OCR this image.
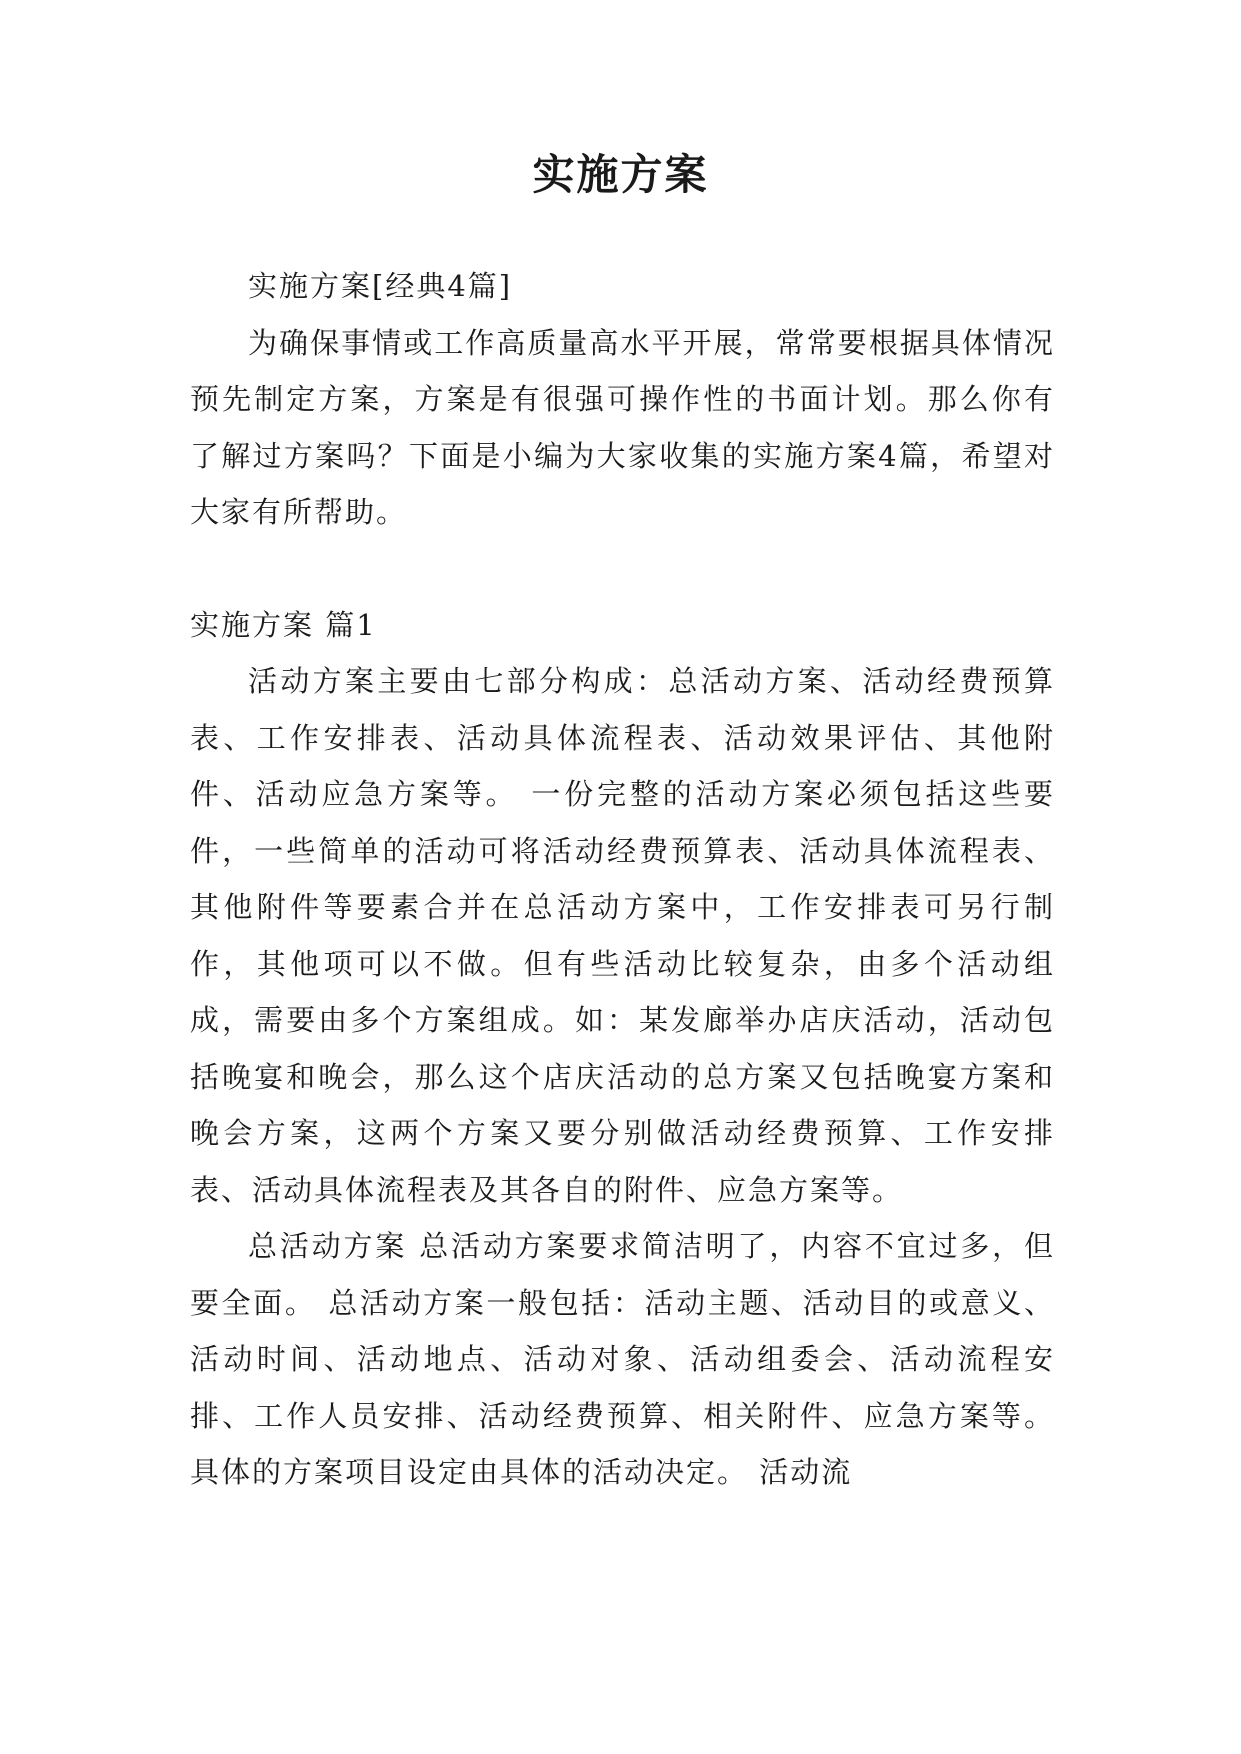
实施方案

实施方案[经典4篇]

为确保事情或工作高质量高水平开展，常常要根据具体情况预先制定方案，方案是有很强可操作性的书面计划。那么你有了解过方案吗？下面是小编为大家收集的实施方案4篇，希望对大家有所帮助。

实施方案 篇1

活动方案主要由七部分构成：总活动方案、活动经费预算表、工作安排表、活动具体流程表、活动效果评估、其他附件、活动应急方案等。 一份完整的活动方案必须包括这些要件，一些简单的活动可将活动经费预算表、活动具体流程表、其他附件等要素合并在总活动方案中，工作安排表可另行制作，其他项可以不做。但有些活动比较复杂，由多个活动组成，需要由多个方案组成。如：某发廊举办店庆活动，活动包括晚宴和晚会，那么这个店庆活动的总方案又包括晚宴方案和晚会方案，这两个方案又要分别做活动经费预算、工作安排表、活动具体流程表及其各自的附件、应急方案等。

总活动方案 总活动方案要求简洁明了，内容不宜过多，但要全面。 总活动方案一般包括：活动主题、活动目的或意义、活动时间、活动地点、活动对象、活动组委会、活动流程安排、工作人员安排、活动经费预算、相关附件、应急方案等。具体的方案项目设定由具体的活动决定。 活动流
